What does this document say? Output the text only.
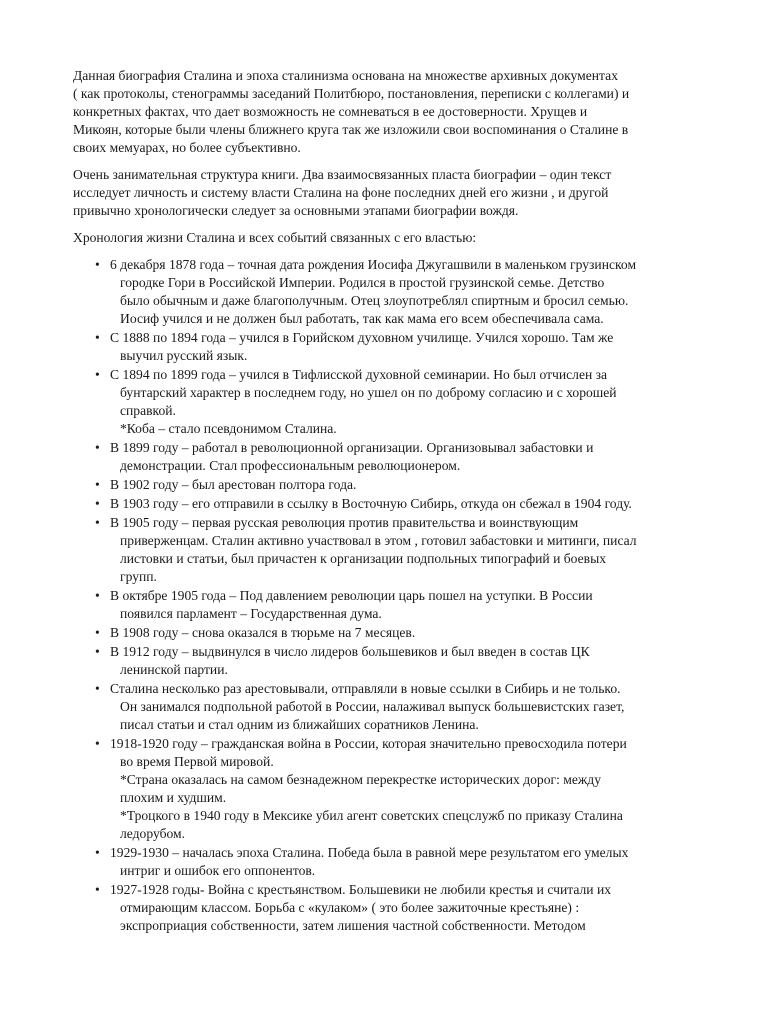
Данная биография Сталина и эпоха сталинизма основана на множестве архивных документах
( как протоколы, стенограммы заседаний Политбюро, постановления, переписки с коллегами) и
конкретных фактах, что дает возможность не сомневаться в ее достоверности. Хрущев и
Микоян, которые были члены ближнего круга так же изложили свои воспоминания о Сталине в
своих мемуарах, но более субъективно.
Очень занимательная структура книги. Два взаимосвязанных пласта биографии – один текст
исследует личность и систему власти Сталина на фоне последних дней его жизни , и другой
привычно хронологически следует за основными этапами биографии вождя.
Хронология жизни Сталина и всех событий связанных с его властью:
• 6 декабря 1878 года – точная дата рождения Иосифа Джугашвили в маленьком грузинском
городке Гори в Российской Империи. Родился в простой грузинской семье. Детство
было обычным и даже благополучным. Отец злоупотреблял спиртным и бросил семью.
Иосиф учился и не должен был работать, так как мама его всем обеспечивала сама.
• С 1888 по 1894 года – учился в Горийском духовном училище. Учился хорошо. Там же
выучил русский язык.
• С 1894 по 1899 года – учился в Тифлисской духовной семинарии. Но был отчислен за
бунтарский характер в последнем году, но ушел он по доброму согласию и с хорошей
справкой.
*Коба – стало псевдонимом Сталина.
• В 1899 году – работал в революционной организации. Организовывал забастовки и
демонстрации. Стал профессиональным революционером.
• В 1902 году – был арестован полтора года.
• В 1903 году – его отправили в ссылку в Восточную Сибирь, откуда он сбежал в 1904 году.
• В 1905 году – первая русская революция против правительства и воинствующим
приверженцам. Сталин активно участвовал в этом , готовил забастовки и митинги, писал
листовки и статьи, был причастен к организации подпольных типографий и боевых
групп.
• В октябре 1905 года – Под давлением революции царь пошел на уступки. В России
появился парламент – Государственная дума.
• В 1908 году – снова оказался в тюрьме на 7 месяцев.
• В 1912 году – выдвинулся в число лидеров большевиков и был введен в состав ЦК
ленинской партии.
• Сталина несколько раз арестовывали, отправляли в новые ссылки в Сибирь и не только.
Он занимался подпольной работой в России, налаживал выпуск большевистских газет,
писал статьи и стал одним из ближайших соратников Ленина.
• 1918-1920 году – гражданская война в России, которая значительно превосходила потери
во время Первой мировой.
*Страна оказалась на самом безнадежном перекрестке исторических дорог: между
плохим и худшим.
*Троцкого в 1940 году в Мексике убил агент советских спецслужб по приказу Сталина
ледорубом.
• 1929-1930 – началась эпоха Сталина. Победа была в равной мере результатом его умелых
интриг и ошибок его оппонентов.
• 1927-1928 годы- Война с крестьянством. Большевики не любили крестья и считали их
отмирающим классом. Борьба с «кулаком» ( это более зажиточные крестьяне) :
экспроприация собственности, затем лишения частной собственности. Методом
